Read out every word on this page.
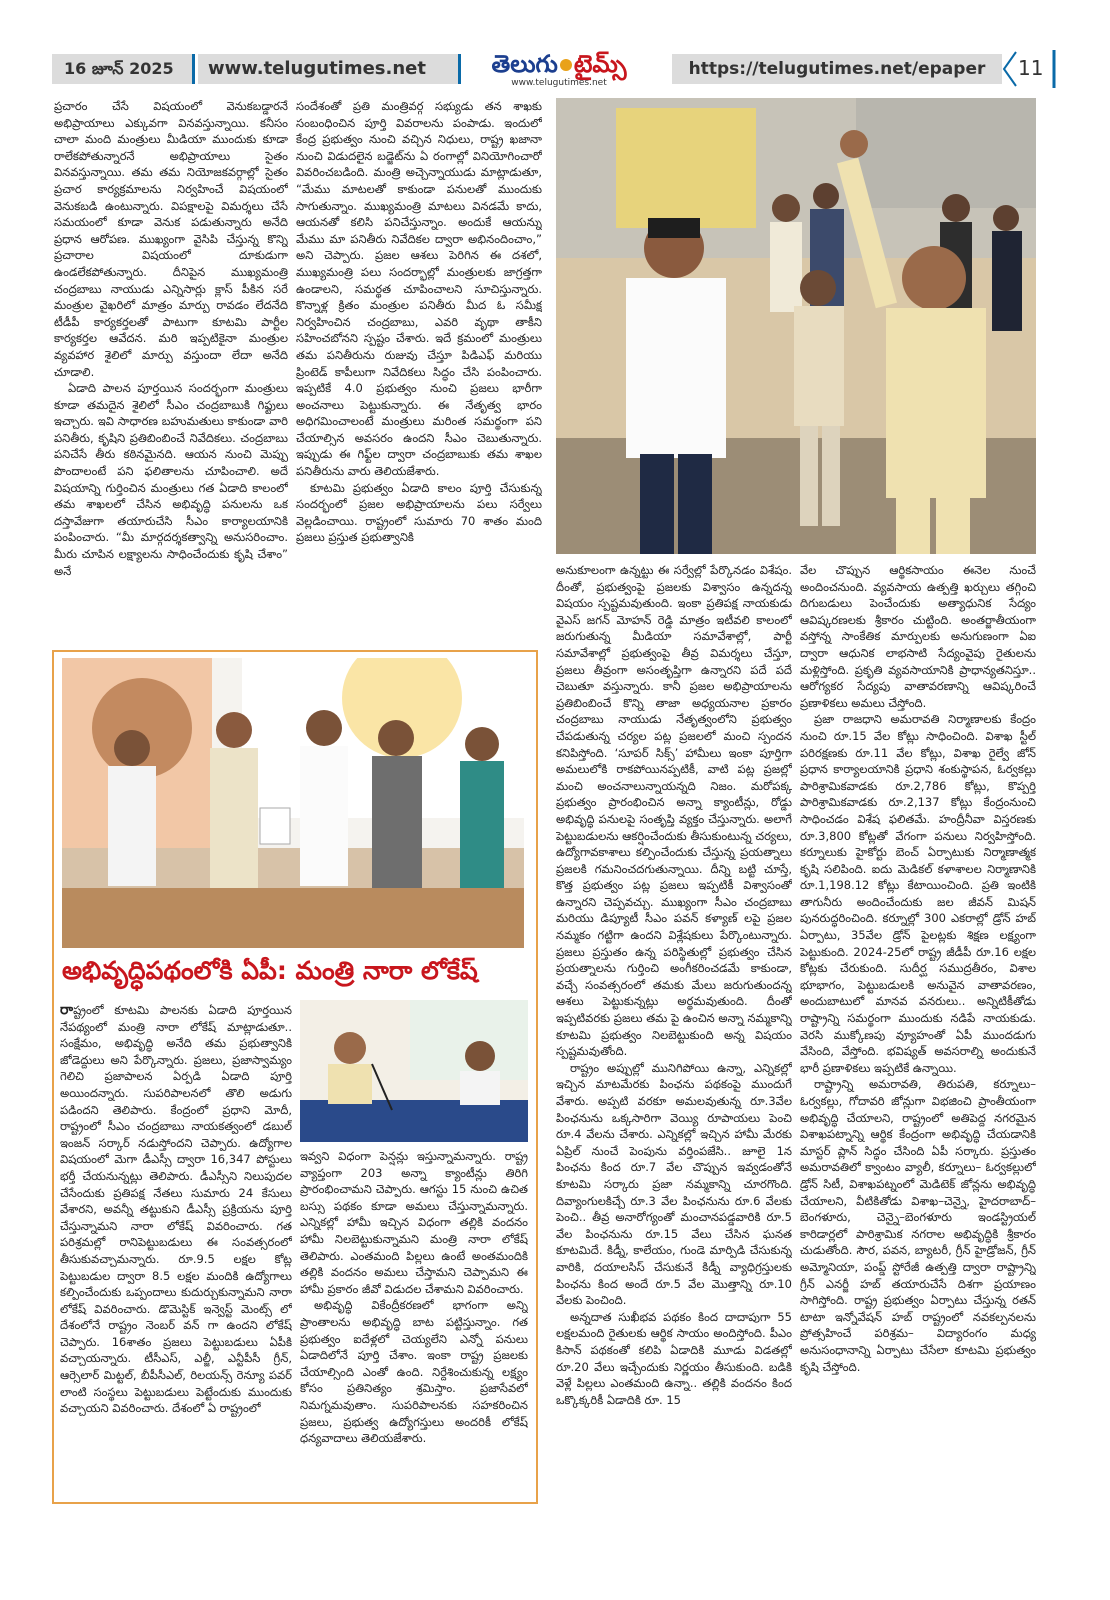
16 జూన్ 2025	www.telugutimes.net	తెలుగు టైమ్స్
www.telugutimes.net
https://telugutimes.net/epaper	11

ప్రచారం చేసే విషయంలో వెనుకబడ్డారనే అభిప్రాయాలు ఎక్కువగా వినవస్తున్నాయి. కనీసం చాలా మంది మంత్రులు మీడియా ముందుకు కూడా రాలేకపోతున్నారనే అభిప్రాయాలు సైతం వినవస్తున్నాయి. తమ తమ నియోజకవర్గాల్లో సైతం ప్రచార కార్యక్రమాలను నిర్వహించే విషయంలో వెనుకబడి ఉంటున్నారు. విపక్షాలపై విమర్శలు చేసే సమయంలో కూడా వెనుక పడుతున్నారు అనేది ప్రధాన ఆరోపణ. ముఖ్యంగా వైసిపి చేస్తున్న కొన్ని ప్రచారాల విషయంలో దూకుడుగా ఉండలేకపోతున్నారు. దీనిపైన ముఖ్యమంత్రి చంద్రబాబు నాయుడు ఎన్నిసార్లు క్లాస్ పీకిన సరే మంత్రుల వైఖరిలో మాత్రం మార్పు రావడం లేదనేది టీడీపీ కార్యకర్తలతో పాటుగా కూటమి పార్టీల కార్యకర్తల ఆవేదన. మరి ఇప్పటికైనా మంత్రుల వ్యవహార శైలిలో మార్పు వస్తుందా లేదా అనేది చూడాలి.

ఏడాది పాలన పూర్తయిన సందర్భంగా మంత్రులు కూడా తమదైన శైలిలో సీఎం చంద్రబాబుకి గిఫ్టులు ఇచ్చారు. ఇవి సాధారణ బహుమతులు కాకుండా వారి పనితీరు, కృషిని ప్రతిబింబించే నివేదికలు. చంద్రబాబు పనిచేసే తీరు కఠినమైనది. ఆయన నుంచి మెప్పు పొందాలంటే పని ఫలితాలను చూపించాలి. అదే విషయాన్ని గుర్తించిన మంత్రులు గత ఏడాది కాలంలో తమ శాఖలలో చేసిన అభివృద్ధి పనులను ఒక దస్తావేజుగా తయారుచేసి సీఎం కార్యాలయానికి పంపించారు. “మీ మార్గదర్శకత్వాన్ని అనుసరించాం. మీరు చూపిన లక్ష్యాలను సాధించేందుకు కృషి చేశాం” అనే

సందేశంతో ప్రతి మంత్రివర్గ సభ్యుడు తన శాఖకు సంబంధించిన పూర్తి వివరాలను పంపాడు. ఇందులో కేంద్ర ప్రభుత్వం నుంచి వచ్చిన నిధులు, రాష్ట్ర ఖజానా నుంచి విడుదలైన బడ్జెట్‌ను ఏ రంగాల్లో వినియోగించారో వివరించబడింది. మంత్రి అచ్చెన్నాయుడు మాట్లాడుతూ, “మేము మాటలతో కాకుండా పనులతో ముందుకు సాగుతున్నాం. ముఖ్యమంత్రి మాటలు వినడమే కాదు, ఆయనతో కలిసి పనిచేస్తున్నాం. అందుకే ఆయన్ను మేము మా పనితీరు నివేదికల ద్వారా అభినందించాం,” అని చెప్పారు. ప్రజల ఆశలు పెరిగిన ఈ దశలో, ముఖ్యమంత్రి పలు సందర్భాల్లో మంత్రులకు జాగ్రత్తగా ఉండాలని, సమర్థత చూపించాలని సూచిస్తున్నారు. కొన్నాళ్ల క్రితం మంత్రుల పనితీరు మీద ఓ సమీక్ష నిర్వహించిన చంద్రబాబు, ఎవరి వృథా తాకీని సహించబోనని స్పష్టం చేశారు. ఇదే క్రమంలో మంత్రులు తమ పనితీరును రుజువు చేస్తూ పిడిఎఫ్ మరియు ప్రింటెడ్ కాపీలుగా నివేదికలు సిద్ధం చేసి పంపించారు. ఇప్పటికే 4.0 ప్రభుత్వం నుంచి ప్రజలు భారీగా అంచనాలు పెట్టుకున్నారు. ఈ నేతృత్వ భారం అధిగమించాలంటే మంత్రులు మరింత సమర్థంగా పని చేయాల్సిన అవసరం ఉందని సీఎం చెబుతున్నారు. ఇప్పుడు ఈ గిఫ్ట్‌ల ద్వారా చంద్రబాబుకు తమ శాఖల పనితీరును వారు తెలియజేశారు.

కూటమి ప్రభుత్వం ఏడాది కాలం పూర్తి చేసుకున్న సందర్భంలో ప్రజల అభిప్రాయాలను పలు సర్వేలు వెల్లడించాయి. రాష్ట్రంలో సుమారు 70 శాతం మంది ప్రజలు ప్రస్తుత ప్రభుత్వానికి

అనుకూలంగా ఉన్నట్టు ఈ సర్వేల్లో పేర్కొనడం విశేషం. దీంతో, ప్రభుత్వంపై ప్రజలకు విశ్వాసం ఉన్నదన్న విషయం స్పష్టమవుతుంది. ఇంకా ప్రతిపక్ష నాయకుడు వైఎస్ జగన్ మోహన్ రెడ్డి మాత్రం ఇటీవలి కాలంలో జరుగుతున్న మీడియా సమావేశాల్లో, పార్టీ సమావేశాల్లో ప్రభుత్వంపై తీవ్ర విమర్శలు చేస్తూ, ప్రజలు తీవ్రంగా అసంతృప్తిగా ఉన్నారని పదే పదే చెబుతూ వస్తున్నారు. కానీ ప్రజల అభిప్రాయాలను ప్రతిబింబించే కొన్ని తాజా అధ్యయనాల ప్రకారం చంద్రబాబు నాయుడు నేతృత్వంలోని ప్రభుత్వం చేపడుతున్న చర్యల పట్ల ప్రజలలో మంచి స్పందన కనిపిస్తోంది. ‘సూపర్ సిక్స్’ హామీలు ఇంకా పూర్తిగా అమలులోకి రాకపోయినప్పటికీ, వాటి పట్ల ప్రజల్లో మంచి అంచనాలున్నాయన్నది నిజం. మరోపక్క ప్రభుత్వం ప్రారంభించిన అన్నా క్యాంటీన్లు, రోడ్డు అభివృద్ధి పనులపై సంతృప్తి వ్యక్తం చేస్తున్నారు. అలాగే పెట్టుబడులను ఆకర్షించేందుకు తీసుకుంటున్న చర్యలు, ఉద్యోగావకాశాలు కల్పించేందుకు చేస్తున్న ప్రయత్నాలు ప్రజలకి గమనించదగుతున్నాయి. దీన్ని బట్టి చూస్తే, కొత్త ప్రభుత్వం పట్ల ప్రజలు ఇప్పటికీ విశ్వాసంతో ఉన్నారని చెప్పవచ్చు. ముఖ్యంగా సీఎం చంద్రబాబు మరియు డిప్యూటీ సీఎం పవన్ కళ్యాణ్ లపై ప్రజల నమ్మకం గట్టిగా ఉందని విశ్లేషకులు పేర్కొంటున్నారు. ప్రజలు ప్రస్తుతం ఉన్న పరిస్థితుల్లో ప్రభుత్వం చేసిన ప్రయత్నాలను గుర్తించి అంగీకరించడమే కాకుండా, వచ్చే సంవత్సరంలో తమకు మేలు జరుగుతుందన్న ఆశలు పెట్టుకున్నట్లు అర్థమవుతుంది. దీంతో ఇప్పటివరకు ప్రజలు తమ పై ఉంచిన అన్నా నమ్మకాన్ని కూటమి ప్రభుత్వం నిలబెట్టుకుంది అన్న విషయం స్పష్టమవుతోంది.

రాష్ట్రం అప్పుల్లో మునిగిపోయి ఉన్నా, ఎన్నికల్లో ఇచ్చిన మాటమేరకు పింఛను పథకంపై ముందుగే వేశారు. అప్పటి వరకూ అమలవుతున్న రూ.3వేల పింఛనును ఒక్కసారిగా వెయ్యి రూపాయలు పెంచి రూ.4 వేలను చేశారు. ఎన్నికల్లో ఇచ్చిన హామీ మేరకు ఏప్రిల్ నుంచే పెంపును వర్తింపజేసి.. జూలై 1న పింఛను కింద రూ.7 వేల చొప్పున ఇవ్వడంతోనే కూటమి సర్కారు ప్రజా నమ్మకాన్ని చూరగొంది. దివ్యాంగులకిచ్చే రూ.3 వేల పింఛనును రూ.6 వేలకు పెంచి.. తీవ్ర అనారోగ్యంతో మంచానపడ్డవారికి రూ.5 వేల పింఛనును రూ.15 వేలు చేసిన ఘనత కూటమిదే. కిడ్నీ, కాలేయం, గుండె మార్పిడి చేసుకున్న వారికి, దయాలసిస్ చేసుకునే కిడ్నీ వ్యాధిగ్రస్తులకు పింఛను కింద అందే రూ.5 వేల మొత్తాన్ని రూ.10 వేలకు పెంచింది.

అన్నదాత సుఖీభవ పథకం కింద దాదాపుగా 55 లక్షలమంది రైతులకు ఆర్థిక సాయం అందిస్తోంది. పీఎం కిసాన్ పథకంతో కలిపి ఏడాదికి మూడు విడతల్లో రూ.20 వేలు ఇచ్చేందుకు నిర్ణయం తీసుకుంది. బడికి వెళ్లే పిల్లలు ఎంతమంది ఉన్నా.. తల్లికి వందనం కింద ఒక్కొక్కరికీ ఏడాదికి రూ. 15

వేల చొప్పున ఆర్థికసాయం ఈనెల నుంచే అందించనుంది. వ్యవసాయ ఉత్పత్తి ఖర్చులు తగ్గించి దిగుబడులు పెంచేందుకు అత్యాధునిక సేద్యం ఆవిష్కరణలకు శ్రీకారం చుట్టింది. అంతర్జాతీయంగా వస్తోన్న సాంకేతిక మార్పులకు అనుగుణంగా ఏఐ ద్వారా ఆధునిక లాభసాటి సేద్యంవైపు రైతులను మళ్లిస్తోంది. ప్రకృతి వ్యవసాయానికి ప్రాధాన్యతనిస్తూ.. ఆరోగ్యకర సేద్యపు వాతావరణాన్ని ఆవిష్కరించే ప్రణాళికలు అమలు చేస్తోంది.

ప్రజా రాజధాని అమరావతి నిర్మాణాలకు కేంద్రం నుంచి రూ.15 వేల కోట్లు సాధించింది. విశాఖ స్టీల్ పరిరక్షణకు రూ.11 వేల కోట్లు, విశాఖ రైల్వే జోన్ ప్రధాన కార్యాలయానికి ప్రధాని శంకుస్థాపన, ఓర్వకల్లు పారిశ్రామికవాడకు రూ.2,786 కోట్లు, కొప్పర్తి పారిశ్రామికవాడకు రూ.2,137 కోట్లు కేంద్రంనుంచి సాధించడం విశేష ఫలితమే. హంద్రీనీవా విస్తరణకు రూ.3,800 కోట్లతో వేగంగా పనులు నిర్వహిస్తోంది. కర్నూలుకు హైకోర్టు బెంచ్ ఏర్పాటుకు నిర్మాణాత్మక కృషి సలిపింది. ఐదు మెడికల్ కళాశాలల నిర్మాణానికి రూ.1,198.12 కోట్లు కేటాయించింది. ప్రతి ఇంటికి తాగునీరు అందించేందుకు జల జీవన్ మిషన్ పునరుద్ధరించింది. కర్నూల్లో 300 ఎకరాల్లో డ్రోన్ హబ్ ఏర్పాటు, 35వేల డ్రోన్ పైలట్లకు శిక్షణ లక్ష్యంగా పెట్టుకుంది. 2024-25లో రాష్ట్ర జీడీపీ రూ.16 లక్షల కోట్లకు చేరుకుంది. సుదీర్ఘ సముద్రతీరం, విశాల భూభాగం, పెట్టుబడులకి అనువైన వాతావరణం, అందుబాటులో మానవ వనరులు.. అన్నిటికీతోడు రాష్ట్రాన్ని సమర్థంగా ముందుకు నడిపే నాయకుడు. వెరసి ముక్కోణపు వ్యూహంతో ఏపీ ముందడుగు వేసింది, వేస్తోంది. భవిష్యత్ అవసరాల్ని అందుకునే భారీ ప్రణాళికలు ఇప్పటికే ఉన్నాయి.

రాష్ట్రాన్ని అమరావతి, తిరుపతి, కర్నూలు–ఓర్వకల్లు, గోదావరి జోన్లుగా విభజించి ప్రాంతీయంగా అభివృద్ధి చేయాలని, రాష్ట్రంలో అతిపెద్ద నగరమైన విశాఖపట్నాన్ని ఆర్థిక కేంద్రంగా అభివృద్ధి చేయడానికి మాస్టర్ ప్లాన్ సిద్ధం చేసింది ఏపీ సర్కారు. ప్రస్తుతం అమరావతిలో క్వాంటం వ్యాలీ, కర్నూలు– ఓర్వకల్లులో డ్రోన్ సిటీ, విశాఖపట్నంలో మెడిటెక్ జోన్లను అభివృద్ధి చేయాలని, వీటికితోడు విశాఖ–చెన్నై, హైదరాబాద్–బెంగళూరు, చెన్నై–బెంగళూరు ఇండస్ట్రియల్ కారిడార్లలో పారిశ్రామిక నగరాల అభివృద్ధికి శ్రీకారం చుడుతోంది. సౌర, పవన, బ్యాటరీ, గ్రీన్ హైడ్రోజన్, గ్రీన్ అమ్మోనియా, పంప్డ్ స్టోరేజీ ఉత్పత్తి ద్వారా రాష్ట్రాన్ని గ్రీన్ ఎనర్జీ హబ్ తయారుచేసే దిశగా ప్రయాణం సాగిస్తోంది. రాష్ట్ర ప్రభుత్వం ఏర్పాటు చేస్తున్న రతన్ టాటా ఇన్నోవేషన్ హబ్ రాష్ట్రంలో నవకల్పనలను ప్రోత్సహించే పరిశ్రమ– విద్యారంగం మధ్య అనుసంధానాన్ని ఏర్పాటు చేసేలా కూటమి ప్రభుత్వం కృషి చేస్తోంది.

అభివృద్ధిపథంలోకి ఏపీ: మంత్రి నారా లోకేష్

రాష్ట్రంలో కూటమి పాలనకు ఏడాది పూర్తయిన నేపథ్యంలో మంత్రి నారా లోకేష్ మాట్లాడుతూ.. సంక్షేమం, అభివృద్ధి అనేది తమ ప్రభుత్వానికి జోడెద్దులు అని పేర్కొన్నారు. ప్రజలు, ప్రజాస్వామ్యం గెలిచి ప్రజాపాలన ఏర్పడి ఏడాది పూర్తి అయిందన్నారు. సుపరిపాలనలో తొలి అడుగు పడిందని తెలిపారు. కేంద్రంలో ప్రధాని మోదీ, రాష్ట్రంలో సీఎం చంద్రబాబు నాయకత్వంలో డబుల్ ఇంజన్ సర్కార్ నడుస్తోందని చెప్పారు. ఉద్యోగాల విషయంలో మెగా డీఎస్సీ ద్వారా 16,347 పోస్టులు భర్తీ చేయనున్నట్లు తెలిపారు. డీఎస్సీని నిలుపుదల చేసేందుకు ప్రతిపక్ష నేతలు సుమారు 24 కేసులు వేశారని, అవన్నీ తట్టుకుని డీఎస్సీ ప్రక్రియను పూర్తి చేస్తున్నామని నారా లోకేష్ వివరించారు. గత పరిశ్రమల్లో రానిపెట్టుబడులు ఈ సంవత్సరంలో తీసుకువచ్చామన్నారు. రూ.9.5 లక్షల కోట్ల పెట్టుబడుల ద్వారా 8.5 లక్షల మందికి ఉద్యోగాలు కల్పించేందుకు ఒప్పందాలు కుదుర్చుకున్నామని నారా లోకేష్ వివరించారు. డొమెస్టిక్ ఇన్వెస్ట్ మెంట్స్ లో దేశంలోనే రాష్ట్రం నెంబర్ వన్ గా ఉందని లోకేష్ చెప్పారు. 16శాతం ప్రజలు పెట్టుబడులు ఏపీకి వచ్చాయన్నారు. టీసీఎస్, ఎల్జీ, ఎన్టీపీసీ గ్రీన్, ఆర్సెలార్ మిట్టల్, బీపీసీఎల్, రిలయన్స్ రెన్యూ పవర్ లాంటి సంస్థలు పెట్టుబడులు పెట్టేందుకు ముందుకు వచ్చాయని వివరించారు. దేశంలో ఏ రాష్ట్రంలో

ఇవ్వని విధంగా పెన్షన్లు ఇస్తున్నామన్నారు. రాష్ట్ర వ్యాప్తంగా 203 అన్నా క్యాంటీన్లు తిరిగి ప్రారంభించామని చెప్పారు. ఆగస్టు 15 నుంచి ఉచిత బస్సు పథకం కూడా అమలు చేస్తున్నామన్నారు. ఎన్నికల్లో హామీ ఇచ్చిన విధంగా తల్లికి వందనం హామీ నిలబెట్టుకున్నామని మంత్రి నారా లోకేష్ తెలిపారు. ఎంతమంది పిల్లలు ఉంటే అంతమందికి తల్లికి వందనం అమలు చేస్తామని చెప్పామని ఈ హామీ ప్రకారం జీవో విడుదల చేశామని వివరించారు.

అభివృద్ధి వికేంద్రీకరణలో భాగంగా అన్ని ప్రాంతాలను అభివృద్ధి బాట పట్టిస్తున్నాం. గత ప్రభుత్వం ఐదేళ్లలో చెయ్యలేని ఎన్నో పనులు ఏడాదిలోనే పూర్తి చేశాం. ఇంకా రాష్ట్ర ప్రజలకు చేయాల్సింది ఎంతో ఉంది. నిర్దేశించుకున్న లక్ష్యం కోసం ప్రతినిత్యం శ్రమిస్తాం. ప్రజాసేవలో నిమగ్నమవుతాం. సుపరిపాలనకు సహకరించిన ప్రజలు, ప్రభుత్వ ఉద్యోగస్తులు అందరికీ లోకేష్ ధన్యవాదాలు తెలియజేశారు.
